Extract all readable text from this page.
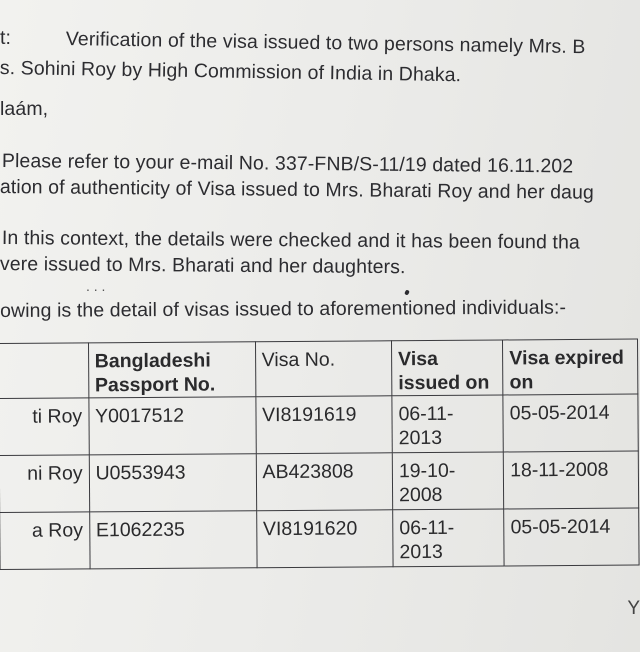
t:	Verification of the visa issued to two persons namely Mrs. B
s. Sohini Roy by High Commission of India in Dhaka.
laám,
Please refer to your e-mail No. 337-FNB/S-11/19 dated 16.11.202
ation of authenticity of Visa issued to Mrs. Bharati Roy and her daug
In this context, the details were checked and it has been found tha
vere issued to Mrs. Bharati and her daughters.
. . .
owing is the detail of visas issued to aforementioned individuals:-
	Bangladeshi Passport No.	Visa No.	Visa issued on	Visa expired on
ti Roy	Y0017512	VI8191619	06-11-2013	05-05-2014
ni Roy	U0553943	AB423808	19-10-2008	18-11-2008
a Roy	E1062235	VI8191620	06-11-2013	05-05-2014
Y
